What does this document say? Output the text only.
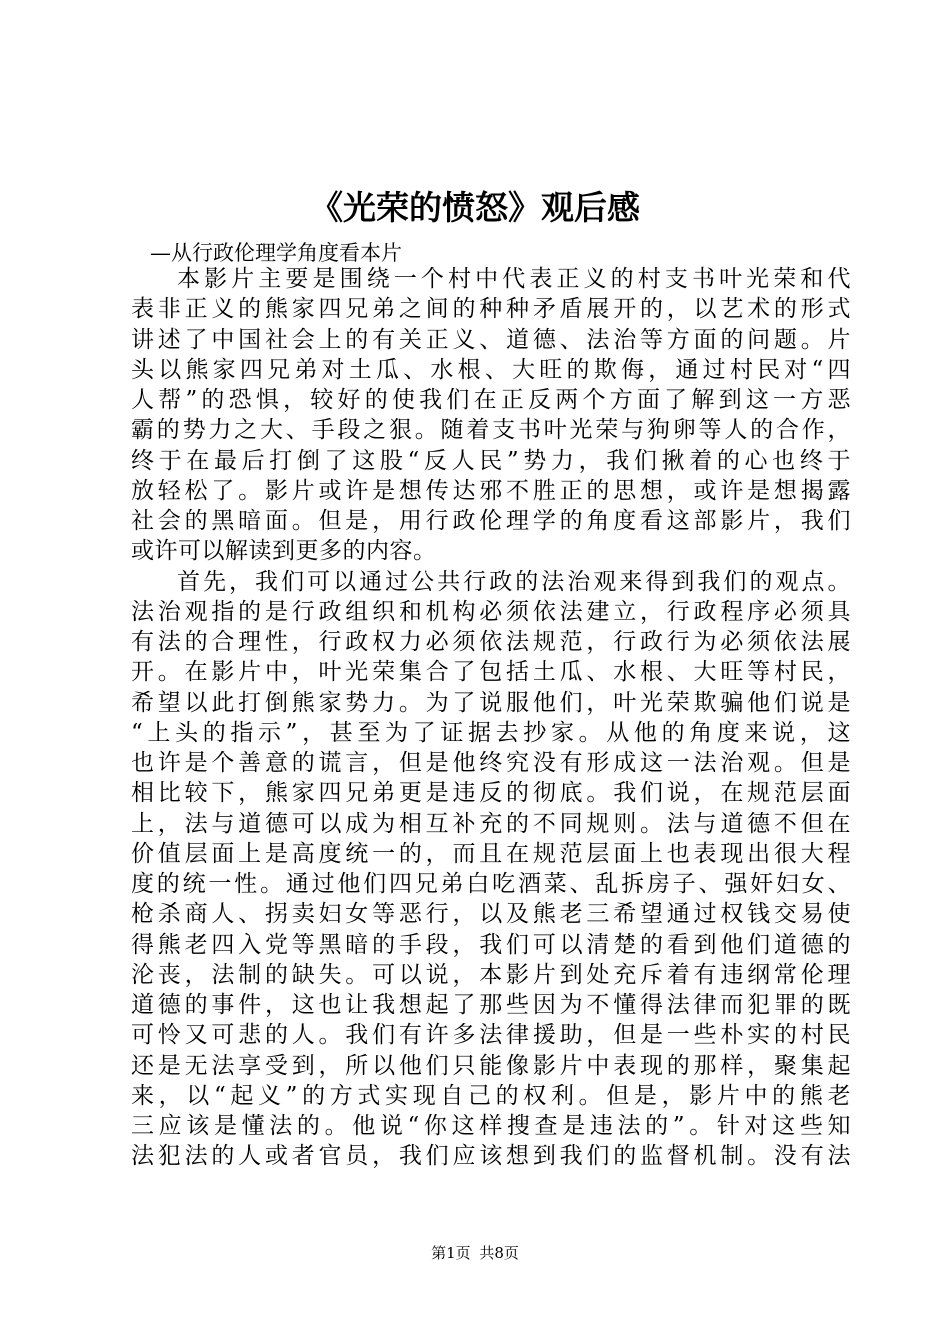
《光荣的愤怒》观后感
—从行政伦理学角度看本片
本影片主要是围绕一个村中代表正义的村支书叶光荣和代
表非正义的熊家四兄弟之间的种种矛盾展开的，以艺术的形式
讲述了中国社会上的有关正义、道德、法治等方面的问题。片
头以熊家四兄弟对土瓜、水根、大旺的欺侮，通过村民对“四
人帮”的恐惧，较好的使我们在正反两个方面了解到这一方恶
霸的势力之大、手段之狠。随着支书叶光荣与狗卵等人的合作，
终于在最后打倒了这股“反人民”势力，我们揪着的心也终于
放轻松了。影片或许是想传达邪不胜正的思想，或许是想揭露
社会的黑暗面。但是，用行政伦理学的角度看这部影片，我们
或许可以解读到更多的内容。
首先，我们可以通过公共行政的法治观来得到我们的观点。
法治观指的是行政组织和机构必须依法建立，行政程序必须具
有法的合理性，行政权力必须依法规范，行政行为必须依法展
开。在影片中，叶光荣集合了包括土瓜、水根、大旺等村民，
希望以此打倒熊家势力。为了说服他们，叶光荣欺骗他们说是
“上头的指示”，甚至为了证据去抄家。从他的角度来说，这
也许是个善意的谎言，但是他终究没有形成这一法治观。但是
相比较下，熊家四兄弟更是违反的彻底。我们说，在规范层面
上，法与道德可以成为相互补充的不同规则。法与道德不但在
价值层面上是高度统一的，而且在规范层面上也表现出很大程
度的统一性。通过他们四兄弟白吃酒菜、乱拆房子、强奸妇女、
枪杀商人、拐卖妇女等恶行，以及熊老三希望通过权钱交易使
得熊老四入党等黑暗的手段，我们可以清楚的看到他们道德的
沦丧，法制的缺失。可以说，本影片到处充斥着有违纲常伦理
道德的事件，这也让我想起了那些因为不懂得法律而犯罪的既
可怜又可悲的人。我们有许多法律援助，但是一些朴实的村民
还是无法享受到，所以他们只能像影片中表现的那样，聚集起
来，以“起义”的方式实现自己的权利。但是，影片中的熊老
三应该是懂法的。他说“你这样搜查是违法的”。针对这些知
法犯法的人或者官员，我们应该想到我们的监督机制。没有法
第1页 共8页
